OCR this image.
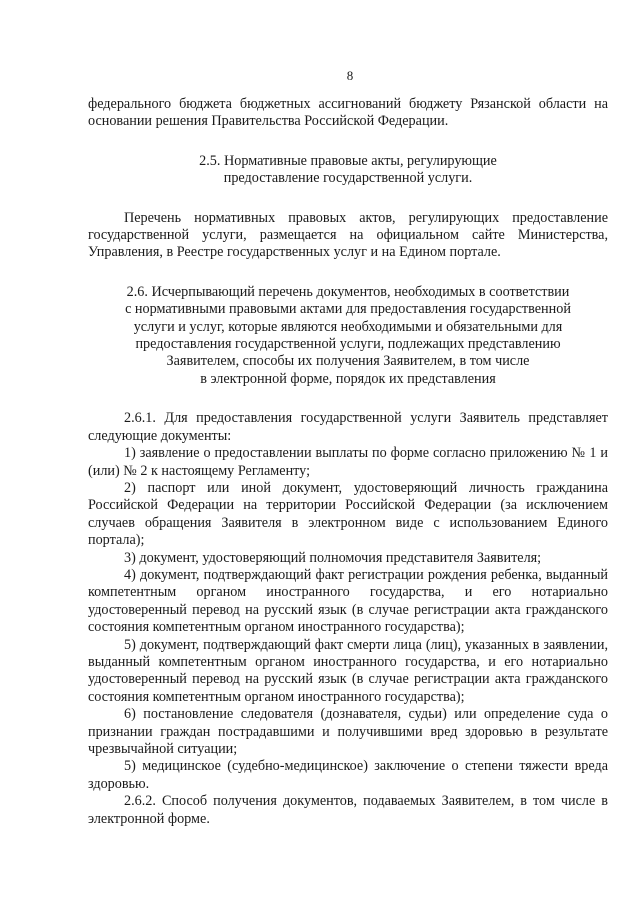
8

федерального бюджета бюджетных ассигнований бюджету Рязанской области на основании решения Правительства Российской Федерации.

2.5. Нормативные правовые акты, регулирующие
предоставление государственной услуги.

Перечень нормативных правовых актов, регулирующих предоставление государственной услуги, размещается на официальном сайте Министерства, Управления, в Реестре государственных услуг и на Едином портале.

2.6. Исчерпывающий перечень документов, необходимых в соответствии
с нормативными правовыми актами для предоставления государственной
услуги и услуг, которые являются необходимыми и обязательными для
предоставления государственной услуги, подлежащих представлению
Заявителем, способы их получения Заявителем, в том числе
в электронной форме, порядок их представления

2.6.1. Для предоставления государственной услуги Заявитель представляет следующие документы:

1) заявление о предоставлении выплаты по форме согласно приложению № 1 и (или) № 2 к настоящему Регламенту;

2) паспорт или иной документ, удостоверяющий личность гражданина Российской Федерации на территории Российской Федерации (за исключением случаев обращения Заявителя в электронном виде с использованием Единого портала);

3) документ, удостоверяющий полномочия представителя Заявителя;

4) документ, подтверждающий факт регистрации рождения ребенка, выданный компетентным органом иностранного государства, и его нотариально удостоверенный перевод на русский язык (в случае регистрации акта гражданского состояния компетентным органом иностранного государства);

5) документ, подтверждающий факт смерти лица (лиц), указанных в заявлении, выданный компетентным органом иностранного государства, и его нотариально удостоверенный перевод на русский язык (в случае регистрации акта гражданского состояния компетентным органом иностранного государства);

6) постановление следователя (дознавателя, судьи) или определение суда о признании граждан пострадавшими и получившими вред здоровью в результате чрезвычайной ситуации;

5) медицинское (судебно-медицинское) заключение о степени тяжести вреда здоровью.

2.6.2. Способ получения документов, подаваемых Заявителем, в том числе в электронной форме.
